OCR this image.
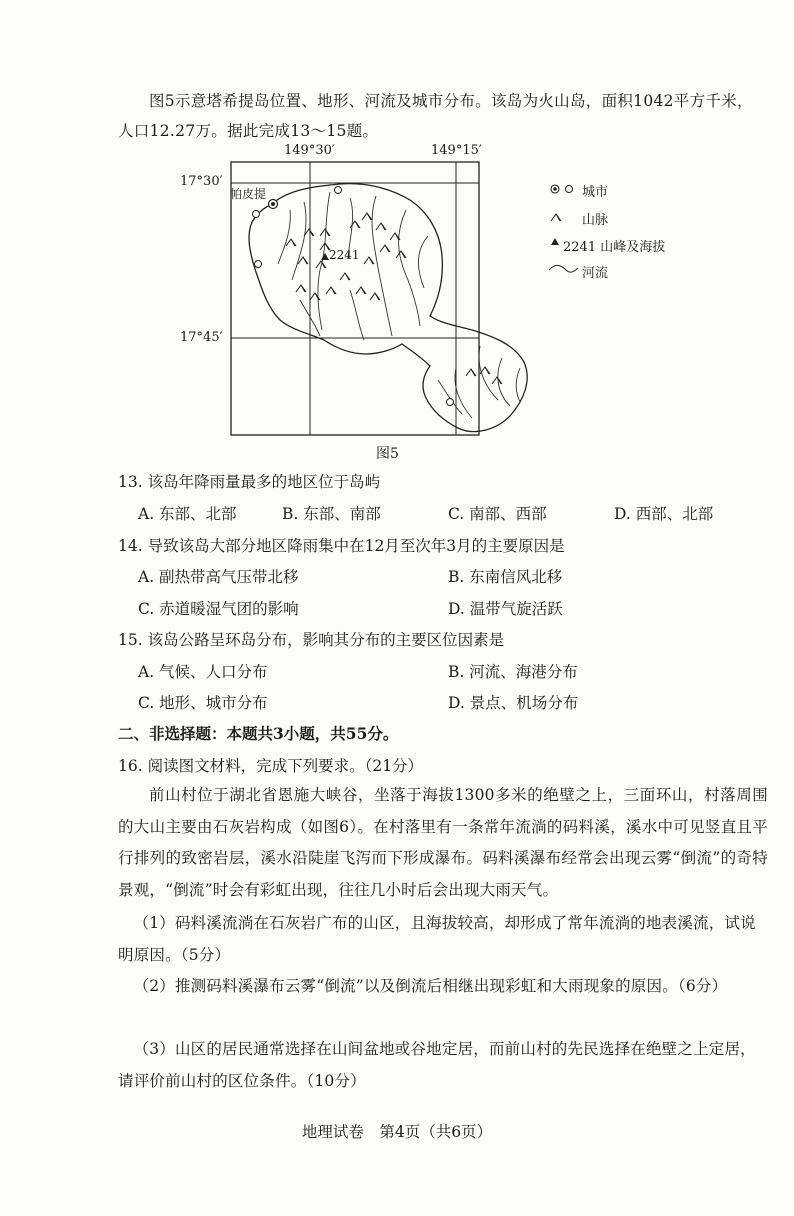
图5示意塔希提岛位置、地形、河流及城市分布。该岛为火山岛，面积1042平方千米，人口12.27万。据此完成13～15题。
149°30′	149°15′
17°30′
17°45′
帕皮提
2241
图5
城市
山脉
2241 山峰及海拔
河流
13. 该岛年降雨量最多的地区位于岛屿
A. 东部、北部	B. 东部、南部	C. 南部、西部	D. 西部、北部
14. 导致该岛大部分地区降雨集中在12月至次年3月的主要原因是
A. 副热带高气压带北移	B. 东南信风北移
C. 赤道暖湿气团的影响	D. 温带气旋活跃
15. 该岛公路呈环岛分布，影响其分布的主要区位因素是
A. 气候、人口分布	B. 河流、海港分布
C. 地形、城市分布	D. 景点、机场分布
二、非选择题：本题共3小题，共55分。
16. 阅读图文材料，完成下列要求。（21分）
前山村位于湖北省恩施大峡谷，坐落于海拔1300多米的绝壁之上，三面环山，村落周围的大山主要由石灰岩构成（如图6）。在村落里有一条常年流淌的码料溪，溪水中可见竖直且平行排列的致密岩层，溪水沿陡崖飞泻而下形成瀑布。码料溪瀑布经常会出现云雾“倒流”的奇特景观，“倒流”时会有彩虹出现，往往几小时后会出现大雨天气。
（1）码料溪流淌在石灰岩广布的山区，且海拔较高，却形成了常年流淌的地表溪流，试说明原因。（5分）
（2）推测码料溪瀑布云雾“倒流”以及倒流后相继出现彩虹和大雨现象的原因。（6分）
（3）山区的居民通常选择在山间盆地或谷地定居，而前山村的先民选择在绝壁之上定居，请评价前山村的区位条件。（10分）
地理试卷　第4页（共6页）
